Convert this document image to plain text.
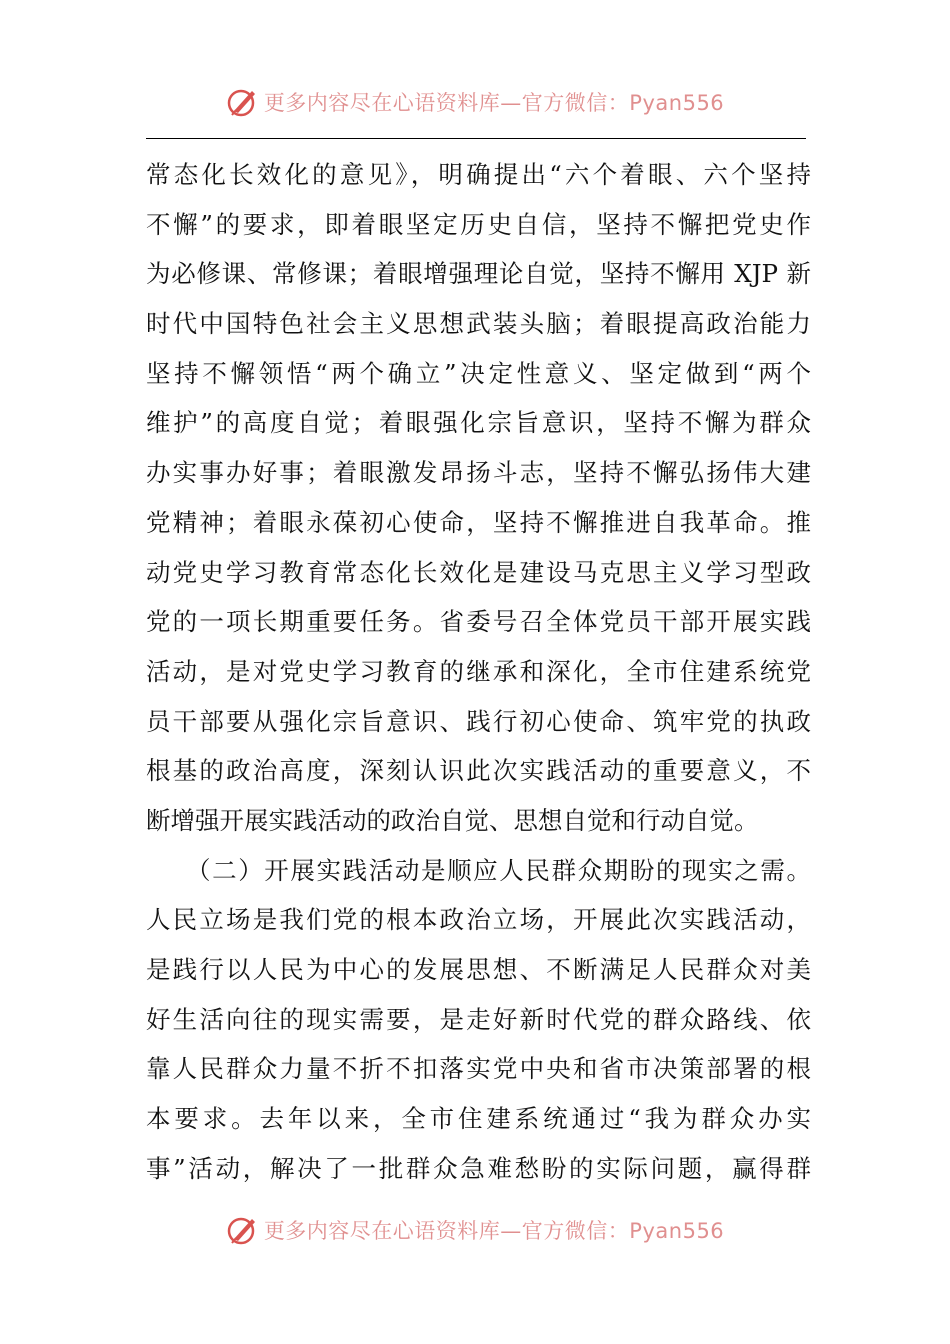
更多内容尽在心语资料库—官方微信：Pyan556
常态化长效化的意见》，明确提出“六个着眼、六个坚持
不懈”的要求，即着眼坚定历史自信，坚持不懈把党史作
为必修课、常修课；着眼增强理论自觉，坚持不懈用 XJP 新
时代中国特色社会主义思想武装头脑；着眼提高政治能力
坚持不懈领悟“两个确立”决定性意义、坚定做到“两个
维护”的高度自觉；着眼强化宗旨意识，坚持不懈为群众
办实事办好事；着眼激发昂扬斗志，坚持不懈弘扬伟大建
党精神；着眼永葆初心使命，坚持不懈推进自我革命。推
动党史学习教育常态化长效化是建设马克思主义学习型政
党的一项长期重要任务。省委号召全体党员干部开展实践
活动，是对党史学习教育的继承和深化，全市住建系统党
员干部要从强化宗旨意识、践行初心使命、筑牢党的执政
根基的政治高度，深刻认识此次实践活动的重要意义，不
断增强开展实践活动的政治自觉、思想自觉和行动自觉。
　　（二）开展实践活动是顺应人民群众期盼的现实之需。
人民立场是我们党的根本政治立场，开展此次实践活动，
是践行以人民为中心的发展思想、不断满足人民群众对美
好生活向往的现实需要，是走好新时代党的群众路线、依
靠人民群众力量不折不扣落实党中央和省市决策部署的根
本要求。去年以来，全市住建系统通过“我为群众办实
事”活动，解决了一批群众急难愁盼的实际问题，赢得群
更多内容尽在心语资料库—官方微信：Pyan556
